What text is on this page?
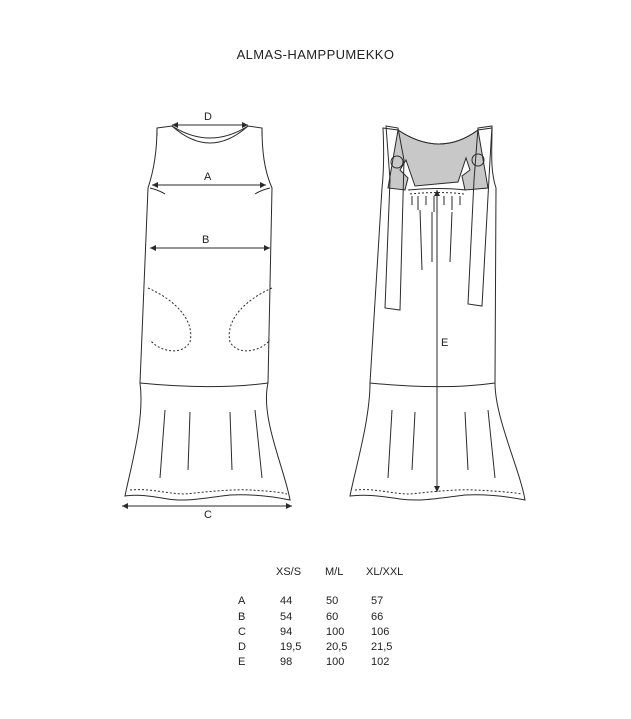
ALMAS-HAMPPUMEKKO
D
A
B
C
E
XS/S M/L XL/XXL
A	44	50	57
B	54	60	66
C	94	100 106
D	19,5 20,5 21,5
E	98	100 102
